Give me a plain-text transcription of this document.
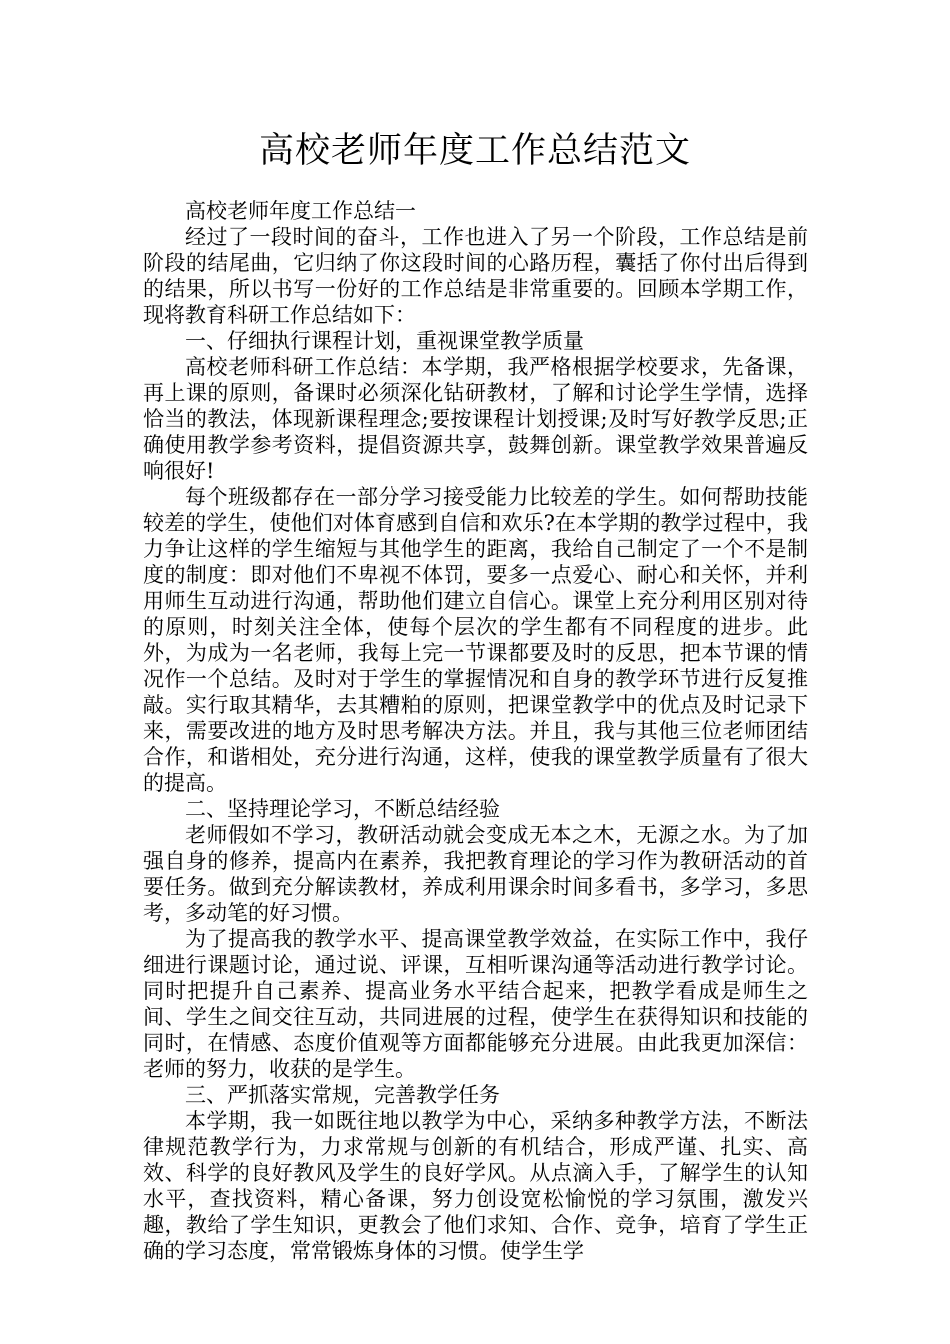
高校老师年度工作总结范文

高校老师年度工作总结一

经过了一段时间的奋斗，工作也进入了另一个阶段，工作总结是前阶段的结尾曲，它归纳了你这段时间的心路历程，囊括了你付出后得到的结果，所以书写一份好的工作总结是非常重要的。回顾本学期工作，现将教育科研工作总结如下：

一、仔细执行课程计划，重视课堂教学质量

高校老师科研工作总结：本学期，我严格根据学校要求，先备课，再上课的原则，备课时必须深化钻研教材，了解和讨论学生学情，选择恰当的教法，体现新课程理念;要按课程计划授课;及时写好教学反思;正确使用教学参考资料，提倡资源共享，鼓舞创新。课堂教学效果普遍反响很好!

每个班级都存在一部分学习接受能力比较差的学生。如何帮助技能较差的学生，使他们对体育感到自信和欢乐?在本学期的教学过程中，我力争让这样的学生缩短与其他学生的距离，我给自己制定了一个不是制度的制度：即对他们不卑视不体罚，要多一点爱心、耐心和关怀，并利用师生互动进行沟通，帮助他们建立自信心。课堂上充分利用区别对待的原则，时刻关注全体，使每个层次的学生都有不同程度的进步。此外，为成为一名老师，我每上完一节课都要及时的反思，把本节课的情况作一个总结。及时对于学生的掌握情况和自身的教学环节进行反复推敲。实行取其精华，去其糟粕的原则，把课堂教学中的优点及时记录下来，需要改进的地方及时思考解决方法。并且，我与其他三位老师团结合作，和谐相处，充分进行沟通，这样，使我的课堂教学质量有了很大的提高。

二、坚持理论学习，不断总结经验

老师假如不学习，教研活动就会变成无本之木，无源之水。为了加强自身的修养，提高内在素养，我把教育理论的学习作为教研活动的首要任务。做到充分解读教材，养成利用课余时间多看书，多学习，多思考，多动笔的好习惯。

为了提高我的教学水平、提高课堂教学效益，在实际工作中，我仔细进行课题讨论，通过说、评课，互相听课沟通等活动进行教学讨论。同时把提升自己素养、提高业务水平结合起来，把教学看成是师生之间、学生之间交往互动，共同进展的过程，使学生在获得知识和技能的同时，在情感、态度价值观等方面都能够充分进展。由此我更加深信：老师的努力，收获的是学生。

三、严抓落实常规，完善教学任务

本学期，我一如既往地以教学为中心，采纳多种教学方法，不断法律规范教学行为，力求常规与创新的有机结合，形成严谨、扎实、高效、科学的良好教风及学生的良好学风。从点滴入手，了解学生的认知水平，查找资料，精心备课，努力创设宽松愉悦的学习氛围，激发兴趣，教给了学生知识，更教会了他们求知、合作、竞争，培育了学生正确的学习态度，常常锻炼身体的习惯。使学生学
